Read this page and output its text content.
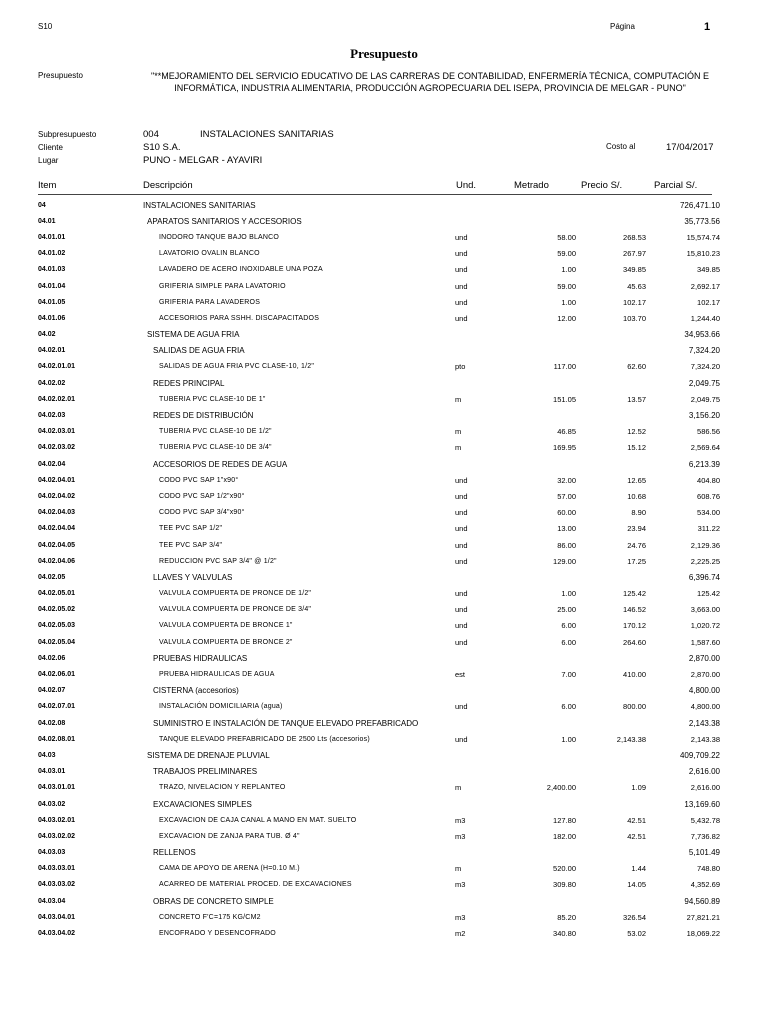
S10	Página	1
Presupuesto
Presupuesto	"**MEJORAMIENTO DEL SERVICIO EDUCATIVO DE LAS CARRERAS DE CONTABILIDAD, ENFERMERÍA TÉCNICA, COMPUTACIÓN E INFORMÁTICA, INDUSTRIA ALIMENTARIA, PRODUCCIÓN AGROPECUARIA DEL ISEPA, PROVINCIA DE MELGAR - PUNO"
Subpresupuesto	004	INSTALACIONES SANITARIAS
Cliente	S10 S.A.	Costo al	17/04/2017
Lugar	PUNO - MELGAR - AYAVIRI
Item	Descripción	Und.	Metrado	Precio S/.	Parcial S/.
04	INSTALACIONES SANITARIAS				726,471.10
04.01	APARATOS SANITARIOS Y ACCESORIOS				35,773.56
04.01.01	INODORO TANQUE BAJO BLANCO	und	58.00	268.53	15,574.74
04.01.02	LAVATORIO OVALIN BLANCO	und	59.00	267.97	15,810.23
04.01.03	LAVADERO DE ACERO INOXIDABLE UNA POZA	und	1.00	349.85	349.85
04.01.04	GRIFERIA SIMPLE PARA LAVATORIO	und	59.00	45.63	2,692.17
04.01.05	GRIFERIA PARA LAVADEROS	und	1.00	102.17	102.17
04.01.06	ACCESORIOS PARA SSHH. DISCAPACITADOS	und	12.00	103.70	1,244.40
04.02	SISTEMA DE AGUA FRIA				34,953.66
04.02.01	SALIDAS DE AGUA FRIA				7,324.20
04.02.01.01	SALIDAS DE AGUA FRIA PVC CLASE-10, 1/2"	pto	117.00	62.60	7,324.20
04.02.02	REDES PRINCIPAL				2,049.75
04.02.02.01	TUBERIA PVC CLASE-10 DE 1"	m	151.05	13.57	2,049.75
04.02.03	REDES DE DISTRIBUCIÓN				3,156.20
04.02.03.01	TUBERIA PVC CLASE-10 DE 1/2"	m	46.85	12.52	586.56
04.02.03.02	TUBERIA PVC CLASE-10 DE 3/4"	m	169.95	15.12	2,569.64
04.02.04	ACCESORIOS DE REDES DE AGUA				6,213.39
04.02.04.01	CODO PVC SAP 1"x90°	und	32.00	12.65	404.80
04.02.04.02	CODO PVC SAP 1/2"x90°	und	57.00	10.68	608.76
04.02.04.03	CODO PVC SAP 3/4"x90°	und	60.00	8.90	534.00
04.02.04.04	TEE PVC SAP 1/2"	und	13.00	23.94	311.22
04.02.04.05	TEE PVC SAP 3/4"	und	86.00	24.76	2,129.36
04.02.04.06	REDUCCION PVC SAP 3/4" @ 1/2"	und	129.00	17.25	2,225.25
04.02.05	LLAVES Y VALVULAS				6,396.74
04.02.05.01	VALVULA COMPUERTA DE PRONCE DE 1/2"	und	1.00	125.42	125.42
04.02.05.02	VALVULA COMPUERTA DE PRONCE DE 3/4"	und	25.00	146.52	3,663.00
04.02.05.03	VALVULA COMPUERTA DE BRONCE 1"	und	6.00	170.12	1,020.72
04.02.05.04	VALVULA COMPUERTA DE BRONCE 2"	und	6.00	264.60	1,587.60
04.02.06	PRUEBAS HIDRAULICAS				2,870.00
04.02.06.01	PRUEBA HIDRAULICAS DE AGUA	est	7.00	410.00	2,870.00
04.02.07	CISTERNA (accesorios)				4,800.00
04.02.07.01	INSTALACIÓN DOMICILIARIA (agua)	und	6.00	800.00	4,800.00
04.02.08	SUMINISTRO E INSTALACIÓN DE TANQUE ELEVADO PREFABRICADO				2,143.38
04.02.08.01	TANQUE ELEVADO PREFABRICADO DE 2500 Lts (accesorios)	und	1.00	2,143.38	2,143.38
04.03	SISTEMA DE DRENAJE PLUVIAL				409,709.22
04.03.01	TRABAJOS PRELIMINARES				2,616.00
04.03.01.01	TRAZO, NIVELACION Y REPLANTEO	m	2,400.00	1.09	2,616.00
04.03.02	EXCAVACIONES SIMPLES				13,169.60
04.03.02.01	EXCAVACION DE CAJA CANAL A MANO EN MAT. SUELTO	m3	127.80	42.51	5,432.78
04.03.02.02	EXCAVACION DE ZANJA PARA TUB. Ø 4"	m3	182.00	42.51	7,736.82
04.03.03	RELLENOS				5,101.49
04.03.03.01	CAMA DE APOYO DE ARENA (H=0.10 M.)	m	520.00	1.44	748.80
04.03.03.02	ACARREO DE MATERIAL PROCED. DE EXCAVACIONES	m3	309.80	14.05	4,352.69
04.03.04	OBRAS DE CONCRETO SIMPLE				94,560.89
04.03.04.01	CONCRETO F'C=175 KG/CM2	m3	85.20	326.54	27,821.21
04.03.04.02	ENCOFRADO Y DESENCOFRADO	m2	340.80	53.02	18,069.22
